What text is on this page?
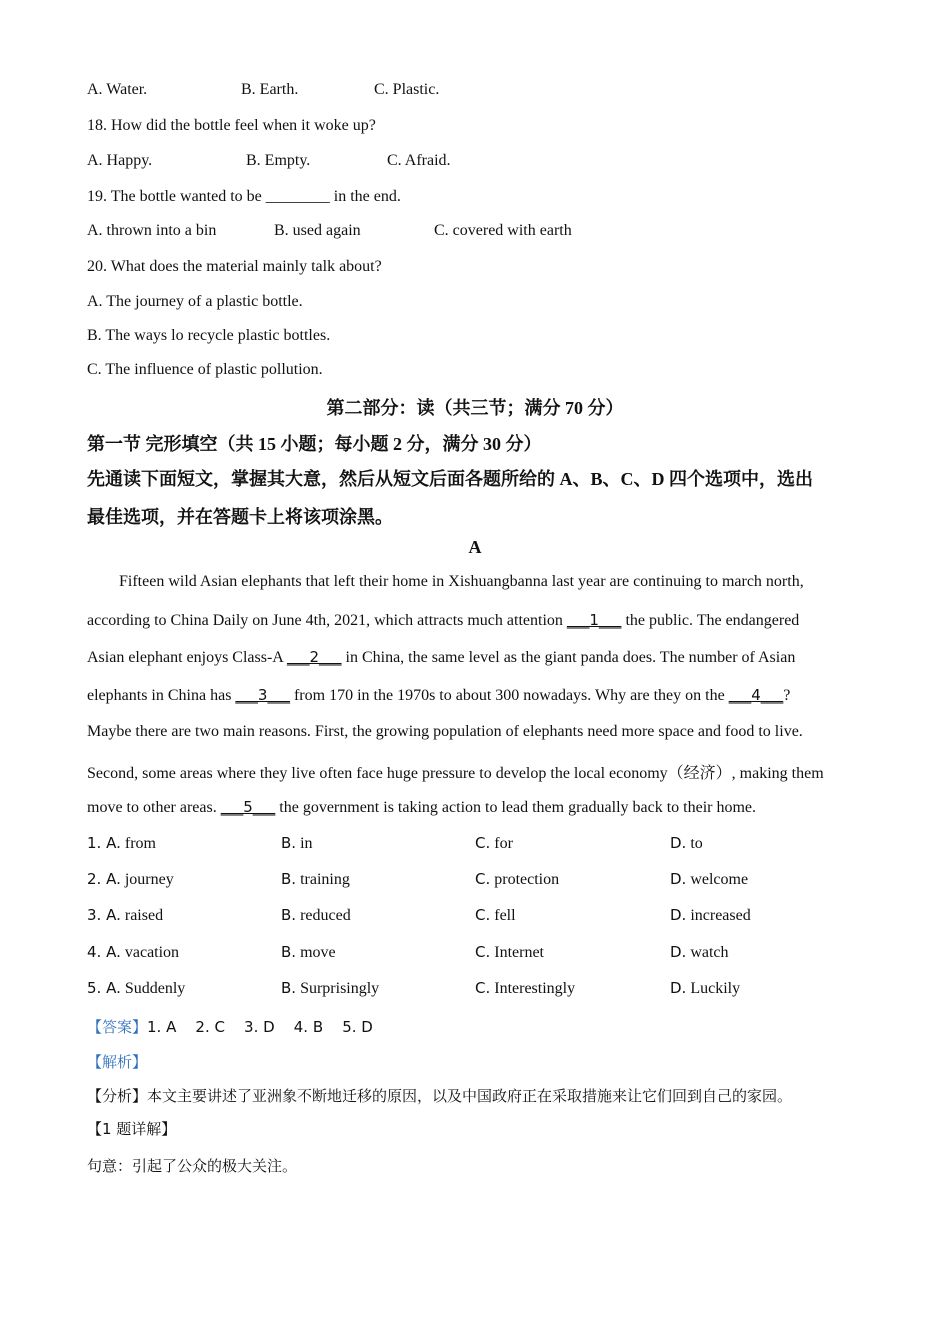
A. Water.	B. Earth.	C. Plastic.
18. How did the bottle feel when it woke up?
A. Happy.	B. Empty.	C. Afraid.
19. The bottle wanted to be ________ in the end.
A. thrown into a bin	B. used again	C. covered with earth
20. What does the material mainly talk about?
A. The journey of a plastic bottle.
B. The ways lo recycle plastic bottles.
C. The influence of plastic pollution.
第二部分：读（共三节；满分 70 分）
第一节 完形填空（共 15 小题；每小题 2 分，满分 30 分）
先通读下面短文，掌握其大意，然后从短文后面各题所给的 A、B、C、D 四个选项中，选出
最佳选项，并在答题卡上将该项涂黑。
A
Fifteen wild Asian elephants that left their home in Xishuangbanna last year are continuing to march north,
according to China Daily on June 4th, 2021, which attracts much attention ___1___ the public. The endangered
Asian elephant enjoys Class-A ___2___ in China, the same level as the giant panda does. The number of Asian
elephants in China has ___3___ from 170 in the 1970s to about 300 nowadays. Why are they on the ___4___?
Maybe there are two main reasons. First, the growing population of elephants need more space and food to live.
Second, some areas where they live often face huge pressure to develop the local economy（经济）, making them
move to other areas. ___5___ the government is taking action to lead them gradually back to their home.
1. A. from	B. in	C. for	D. to
2. A. journey	B. training	C. protection	D. welcome
3. A. raised	B. reduced	C. fell	D. increased
4. A. vacation	B. move	C. Internet	D. watch
5. A. Suddenly	B. Surprisingly	C. Interestingly	D. Luckily
【答案】1. A    2. C    3. D    4. B    5. D
【解析】
【分析】本文主要讲述了亚洲象不断地迁移的原因，以及中国政府正在采取措施来让它们回到自己的家园。
【1 题详解】
句意：引起了公众的极大关注。
